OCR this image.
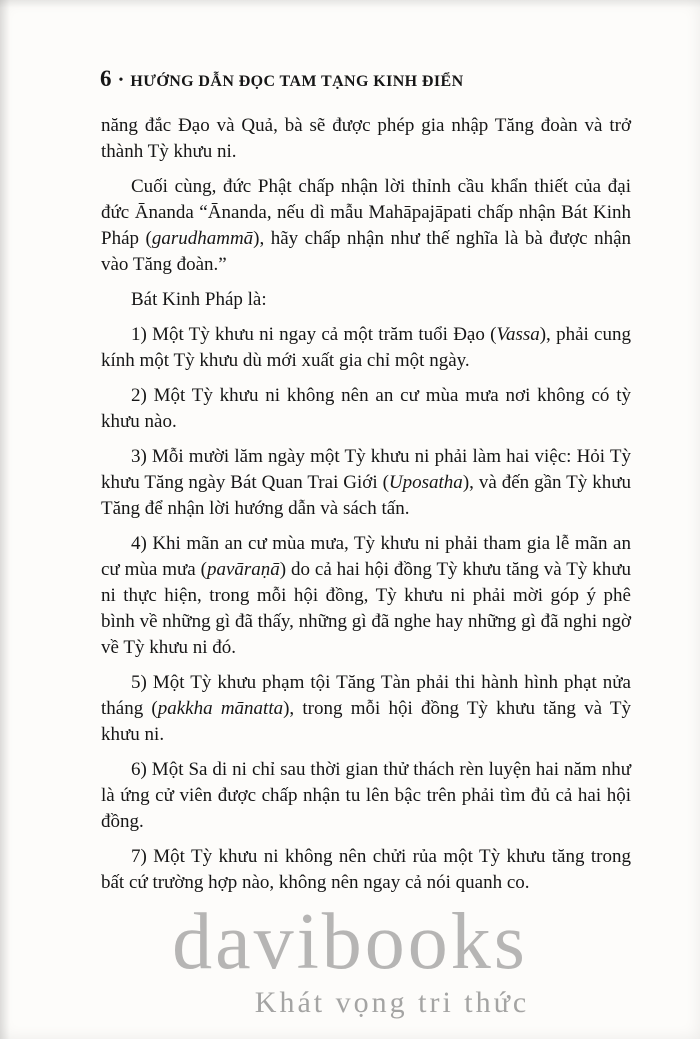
6 • HƯỚNG DẪN ĐỌC TAM TẠNG KINH ĐIỂN

năng đắc Đạo và Quả, bà sẽ được phép gia nhập Tăng đoàn và trở thành Tỳ khưu ni.

Cuối cùng, đức Phật chấp nhận lời thỉnh cầu khẩn thiết của đại đức Ānanda “Ānanda, nếu dì mẫu Mahāpajāpati chấp nhận Bát Kinh Pháp (garudhammā), hãy chấp nhận như thế nghĩa là bà được nhận vào Tăng đoàn.”

Bát Kinh Pháp là:

1) Một Tỳ khưu ni ngay cả một trăm tuổi Đạo (Vassa), phải cung kính một Tỳ khưu dù mới xuất gia chỉ một ngày.

2) Một Tỳ khưu ni không nên an cư mùa mưa nơi không có tỳ khưu nào.

3) Mỗi mười lăm ngày một Tỳ khưu ni phải làm hai việc: Hỏi Tỳ khưu Tăng ngày Bát Quan Trai Giới (Uposatha), và đến gần Tỳ khưu Tăng để nhận lời hướng dẫn và sách tấn.

4) Khi mãn an cư mùa mưa, Tỳ khưu ni phải tham gia lễ mãn an cư mùa mưa (pavāraṇā) do cả hai hội đồng Tỳ khưu tăng và Tỳ khưu ni thực hiện, trong mỗi hội đồng, Tỳ khưu ni phải mời góp ý phê bình về những gì đã thấy, những gì đã nghe hay những gì đã nghi ngờ về Tỳ khưu ni đó.

5) Một Tỳ khưu phạm tội Tăng Tàn phải thi hành hình phạt nửa tháng (pakkha mānatta), trong mỗi hội đồng Tỳ khưu tăng và Tỳ khưu ni.

6) Một Sa di ni chỉ sau thời gian thử thách rèn luyện hai năm như là ứng cử viên được chấp nhận tu lên bậc trên phải tìm đủ cả hai hội đồng.

7) Một Tỳ khưu ni không nên chửi rủa một Tỳ khưu tăng trong bất cứ trường hợp nào, không nên ngay cả nói quanh co.

davibooks
Khát vọng tri thức
